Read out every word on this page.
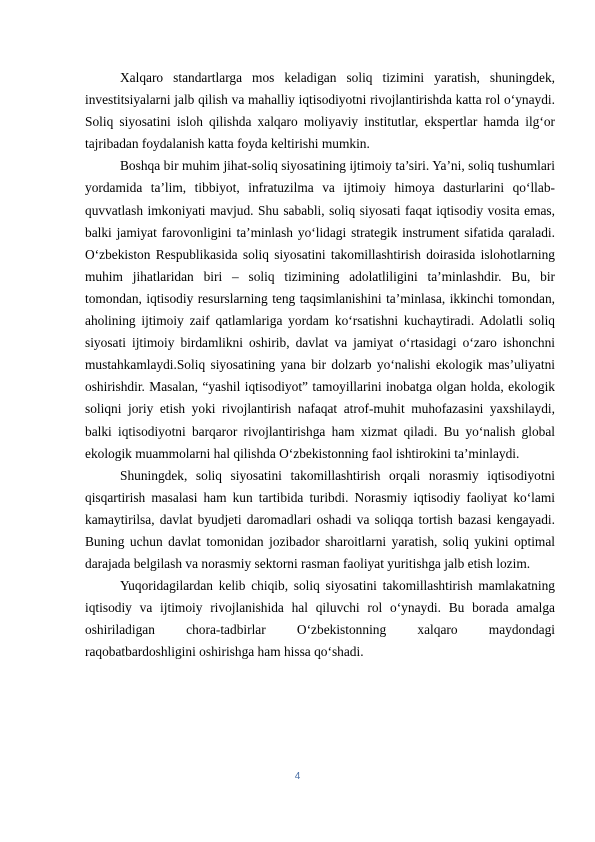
Xalqaro standartlarga mos keladigan soliq tizimini yaratish, shuningdek, investitsiyalarni jalb qilish va mahalliy iqtisodiyotni rivojlantirishda katta rol o‘ynaydi. Soliq siyosatini isloh qilishda xalqaro moliyaviy institutlar, ekspertlar hamda ilg‘or tajribadan foydalanish katta foyda keltirishi mumkin.

Boshqa bir muhim jihat-soliq siyosatining ijtimoiy ta’siri. Ya’ni, soliq tushumlari yordamida ta’lim, tibbiyot, infratuzilma va ijtimoiy himoya dasturlarini qo‘llab-quvvatlash imkoniyati mavjud. Shu sababli, soliq siyosati faqat iqtisodiy vosita emas, balki jamiyat farovonligini ta’minlash yo‘lidagi strategik instrument sifatida qaraladi. O‘zbekiston Respublikasida soliq siyosatini takomillashtirish doirasida islohotlarning muhim jihatlaridan biri – soliq tizimining adolatliligini ta’minlashdir. Bu, bir tomondan, iqtisodiy resurslarning teng taqsimlanishini ta’minlasa, ikkinchi tomondan, aholining ijtimoiy zaif qatlamlariga yordam ko‘rsatishni kuchaytiradi. Adolatli soliq siyosati ijtimoiy birdamlikni oshirib, davlat va jamiyat o‘rtasidagi o‘zaro ishonchni mustahkamlaydi.Soliq siyosatining yana bir dolzarb yo‘nalishi ekologik mas’uliyatni oshirishdir. Masalan, “yashil iqtisodiyot” tamoyillarini inobatga olgan holda, ekologik soliqni joriy etish yoki rivojlantirish nafaqat atrof-muhit muhofazasini yaxshilaydi, balki iqtisodiyotni barqaror rivojlantirishga ham xizmat qiladi. Bu yo‘nalish global ekologik muammolarni hal qilishda O‘zbekistonning faol ishtirokini ta’minlaydi.

Shuningdek, soliq siyosatini takomillashtirish orqali norasmiy iqtisodiyotni qisqartirish masalasi ham kun tartibida turibdi. Norasmiy iqtisodiy faoliyat ko‘lami kamaytirilsa, davlat byudjeti daromadlari oshadi va soliqqa tortish bazasi kengayadi. Buning uchun davlat tomonidan jozibador sharoitlarni yaratish, soliq yukini optimal darajada belgilash va norasmiy sektorni rasman faoliyat yuritishga jalb etish lozim.

Yuqoridagilardan kelib chiqib, soliq siyosatini takomillashtirish mamlakatning iqtisodiy va ijtimoiy rivojlanishida hal qiluvchi rol o‘ynaydi. Bu borada amalga oshiriladigan chora-tadbirlar O‘zbekistonning xalqaro maydondagi raqobatbardoshligini oshirishga ham hissa qo‘shadi.

4
